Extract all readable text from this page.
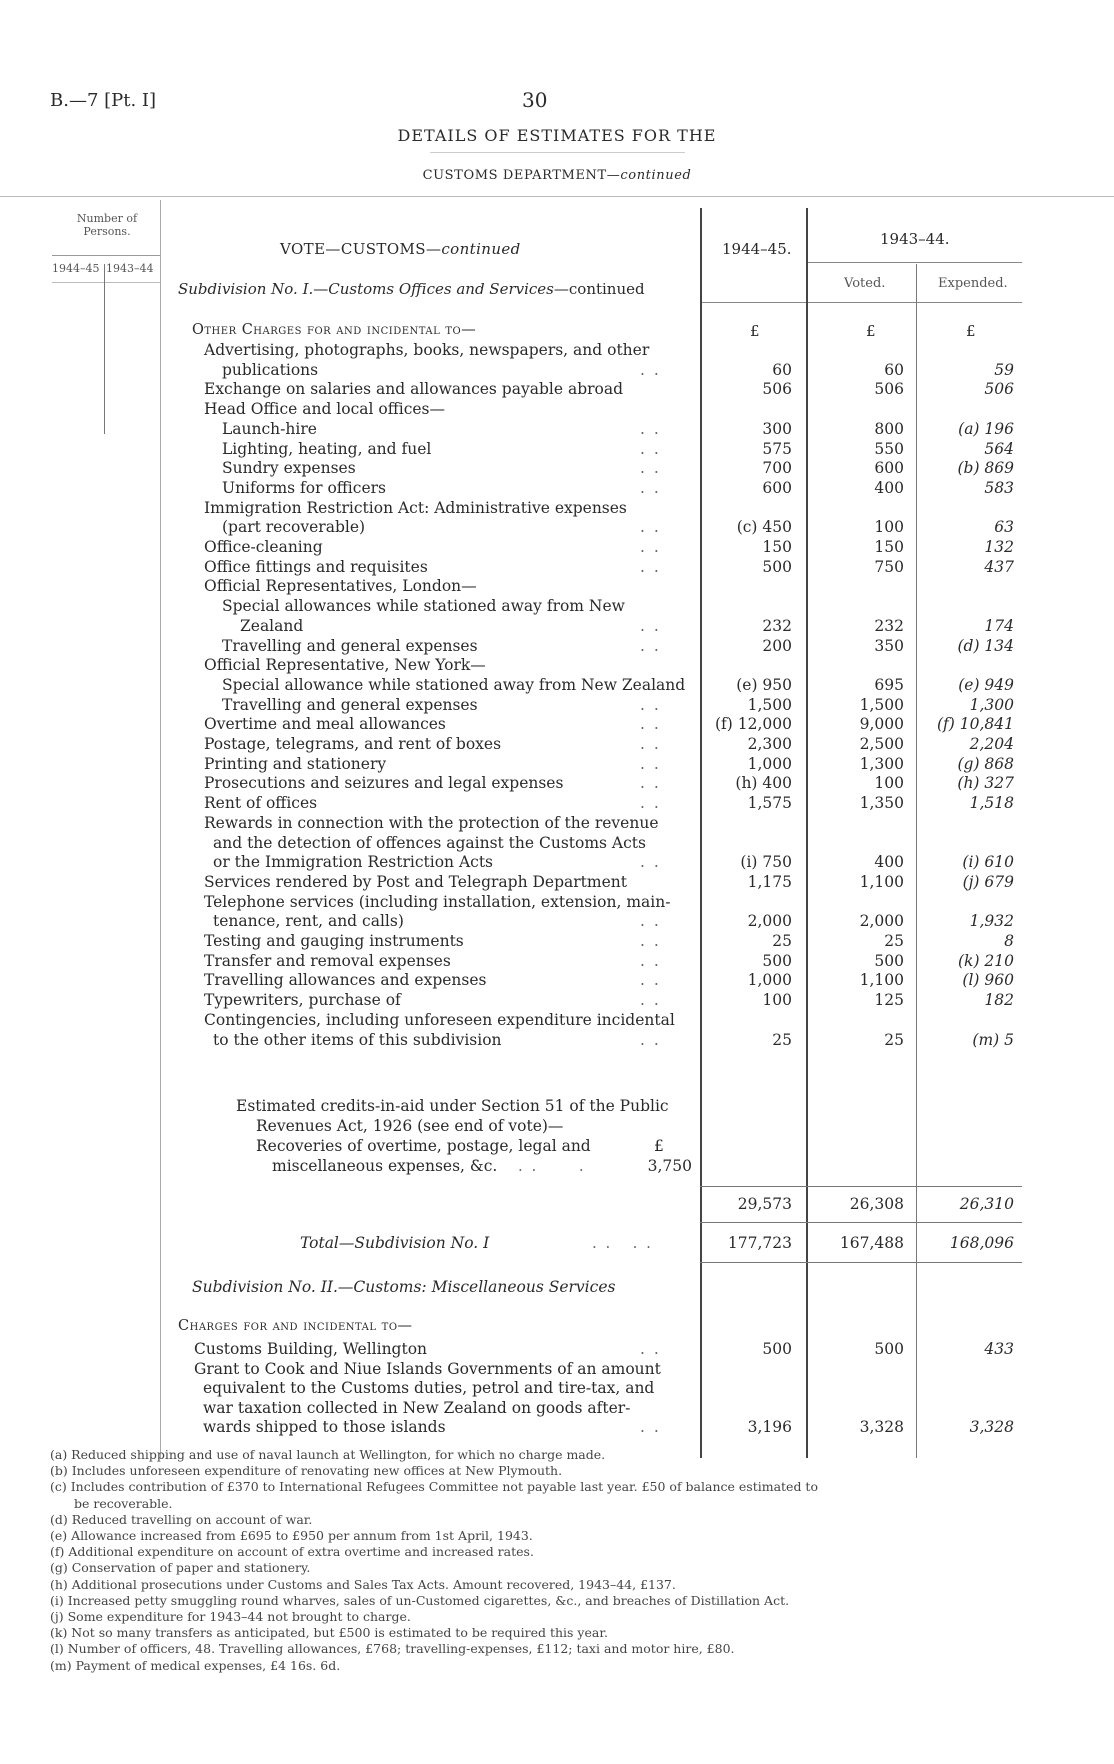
B.—7 [Pt. I]	30
DETAILS OF ESTIMATES FOR THE
CUSTOMS DEPARTMENT—continued
Number of Persons.
1944–45 1943–44
VOTE—CUSTOMS—continued
Subdivision No. I.—Customs Offices and Services—continued
1944–45.
1943–44.
Voted.	Expended.
Other Charges for and incidental to—	£	£	£
Advertising, photographs, books, newspapers, and other
publications	. .	60	60	59
Exchange on salaries and allowances payable abroad	506	506	506
Head Office and local offices—
Launch-hire	. .	300	800	(a) 196
Lighting, heating, and fuel	. .	575	550	564
Sundry expenses	. .	700	600	(b) 869
Uniforms for officers	. .	600	400	583
Immigration Restriction Act: Administrative expenses
(part recoverable)	. .	(c) 450	100	63
Office-cleaning	. .	150	150	132
Office fittings and requisites	. .	500	750	437
Official Representatives, London—
Special allowances while stationed away from New
Zealand	. .	232	232	174
Travelling and general expenses	. .	200	350	(d) 134
Official Representative, New York—
Special allowance while stationed away from New Zealand	(e) 950	695	(e) 949
Travelling and general expenses	. .	1,500	1,500	1,300
Overtime and meal allowances	. .	(f) 12,000	9,000	(f) 10,841
Postage, telegrams, and rent of boxes	. .	2,300	2,500	2,204
Printing and stationery	. .	1,000	1,300	(g) 868
Prosecutions and seizures and legal expenses	. .	(h) 400	100	(h) 327
Rent of offices	. .	1,575	1,350	1,518
Rewards in connection with the protection of the revenue
and the detection of offences against the Customs Acts
or the Immigration Restriction Acts	. .	(i) 750	400	(i) 610
Services rendered by Post and Telegraph Department	1,175	1,100	(j) 679
Telephone services (including installation, extension, main-
tenance, rent, and calls)	. .	2,000	2,000	1,932
Testing and gauging instruments	. .	25	25	8
Transfer and removal expenses	. .	500	500	(k) 210
Travelling allowances and expenses	. .	1,000	1,100	(l) 960
Typewriters, purchase of	. .	100	125	182
Contingencies, including unforeseen expenditure incidental
to the other items of this subdivision	. .	25	25	(m) 5
Estimated credits-in-aid under Section 51 of the Public
Revenues Act, 1926 (see end of vote)—
Recoveries of overtime, postage, legal and	£
miscellaneous expenses, &c. . .      .	3,750
29,573	26,308	26,310
Total—Subdivision No. I	. .   . .	177,723	167,488	168,096
Subdivision No. II.—Customs: Miscellaneous Services
Charges for and incidental to—
Customs Building, Wellington	. .	500	500	433
Grant to Cook and Niue Islands Governments of an amount
equivalent to the Customs duties, petrol and tire-tax, and
war taxation collected in New Zealand on goods after-
wards shipped to those islands	. .	3,196	3,328	3,328
(a) Reduced shipping and use of naval launch at Wellington, for which no charge made.
(b) Includes unforeseen expenditure of renovating new offices at New Plymouth.
(c) Includes contribution of £370 to International Refugees Committee not payable last year. £50 of balance estimated to
be recoverable.
(d) Reduced travelling on account of war.
(e) Allowance increased from £695 to £950 per annum from 1st April, 1943.
(f) Additional expenditure on account of extra overtime and increased rates.
(g) Conservation of paper and stationery.
(h) Additional prosecutions under Customs and Sales Tax Acts. Amount recovered, 1943–44, £137.
(i) Increased petty smuggling round wharves, sales of un-Customed cigarettes, &c., and breaches of Distillation Act.
(j) Some expenditure for 1943–44 not brought to charge.
(k) Not so many transfers as anticipated, but £500 is estimated to be required this year.
(l) Number of officers, 48. Travelling allowances, £768; travelling-expenses, £112; taxi and motor hire, £80.
(m) Payment of medical expenses, £4 16s. 6d.
